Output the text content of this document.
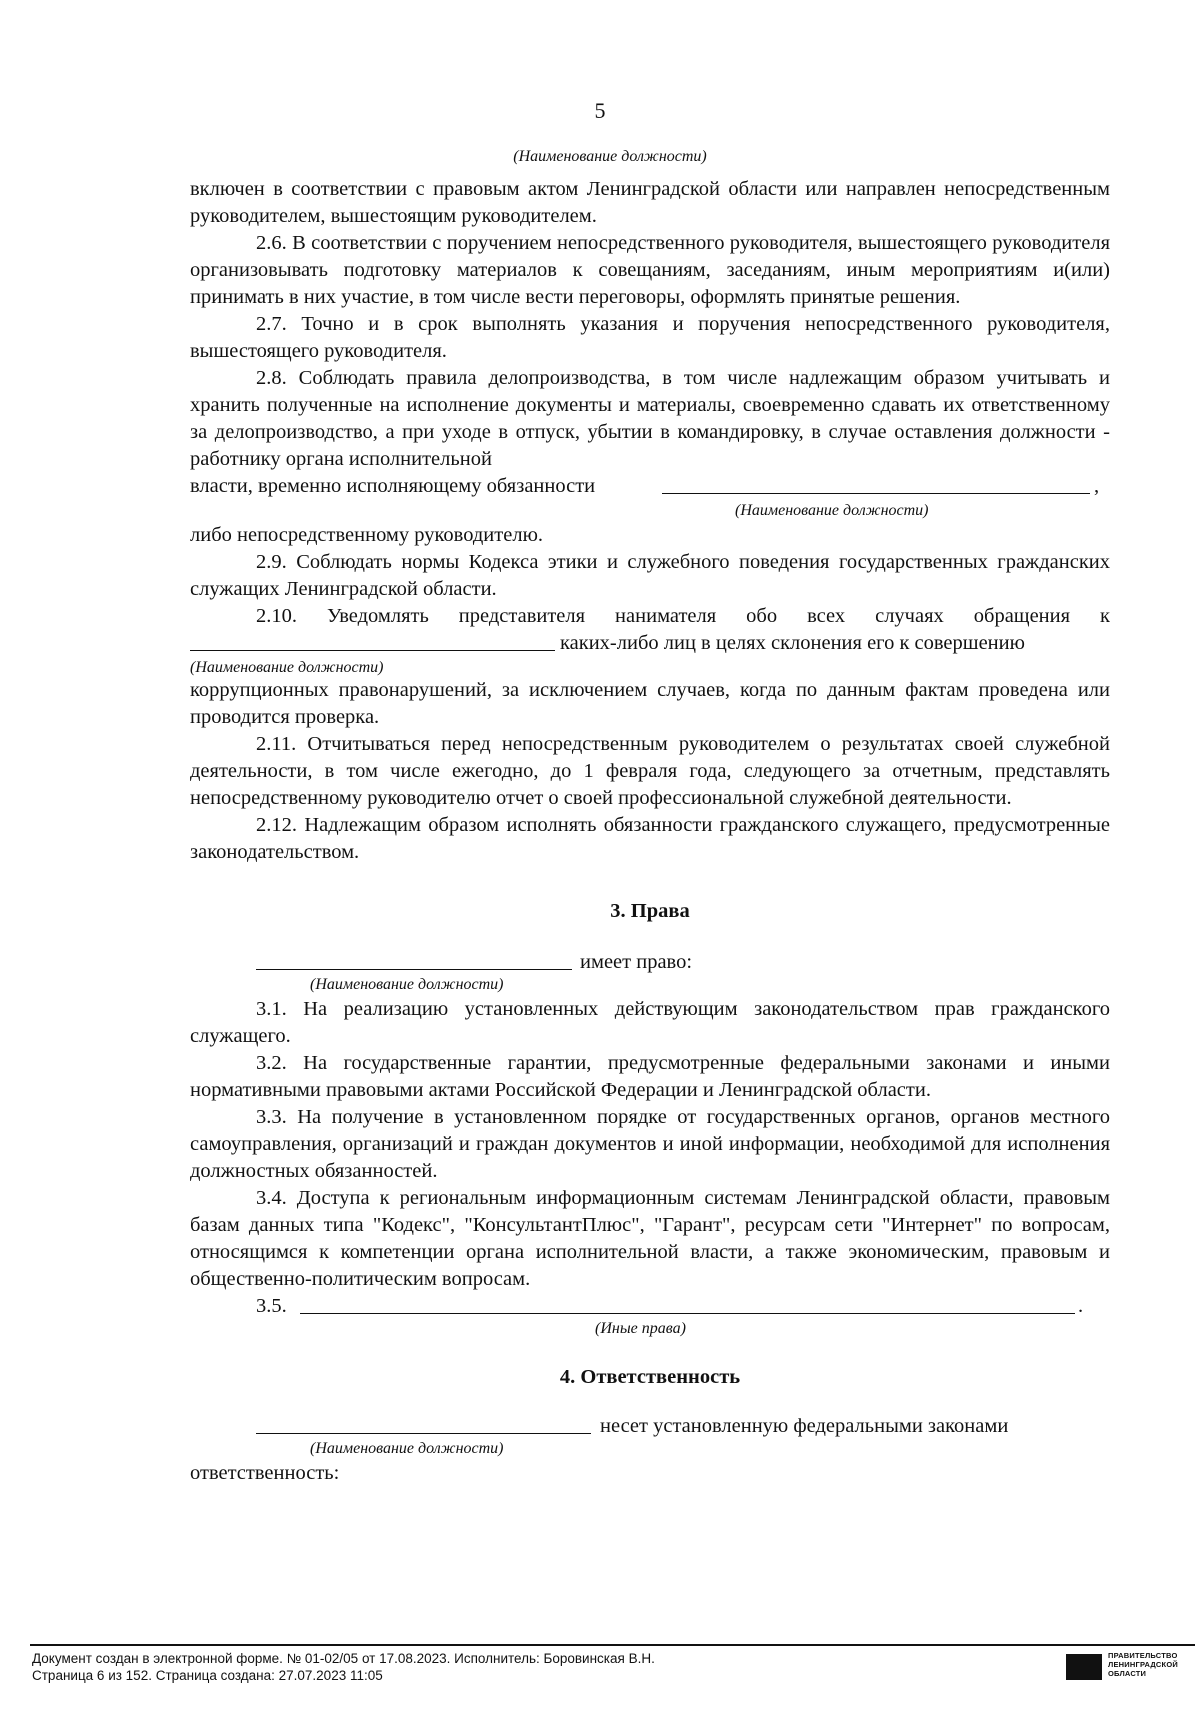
5
(Наименование должности)

включен в соответствии с правовым актом Ленинградской области или направлен непосредственным руководителем, вышестоящим руководителем.

2.6. В соответствии с поручением непосредственного руководителя, вышестоящего руководителя организовывать подготовку материалов к совещаниям, заседаниям, иным мероприятиям и(или) принимать в них участие, в том числе вести переговоры, оформлять принятые решения.

2.7. Точно и в срок выполнять указания и поручения непосредственного руководителя, вышестоящего руководителя.

2.8. Соблюдать правила делопроизводства, в том числе надлежащим образом учитывать и хранить полученные на исполнение документы и материалы, своевременно сдавать их ответственному за делопроизводство, а при уходе в отпуск, убытии в командировку, в случае оставления должности - работнику органа исполнительной

власти, временно исполняющему обязанности	,
(Наименование должности)

либо непосредственному руководителю.

2.9. Соблюдать нормы Кодекса этики и служебного поведения государственных гражданских служащих Ленинградской области.

2.10. Уведомлять представителя нанимателя обо всех случаях обращения к

каких-либо лиц в целях склонения его к совершению
(Наименование должности)

коррупционных правонарушений, за исключением случаев, когда по данным фактам проведена или проводится проверка.

2.11. Отчитываться перед непосредственным руководителем о результатах своей служебной деятельности, в том числе ежегодно, до 1 февраля года, следующего за отчетным, представлять непосредственному руководителю отчет о своей профессиональной служебной деятельности.

2.12. Надлежащим образом исполнять обязанности гражданского служащего, предусмотренные законодательством.

3. Права

имеет право:
(Наименование должности)

3.1. На реализацию установленных действующим законодательством прав гражданского служащего.

3.2. На государственные гарантии, предусмотренные федеральными законами и иными нормативными правовыми актами Российской Федерации и Ленинградской области.

3.3. На получение в установленном порядке от государственных органов, органов местного самоуправления, организаций и граждан документов и иной информации, необходимой для исполнения должностных обязанностей.

3.4. Доступа к региональным информационным системам Ленинградской области, правовым базам данных типа "Кодекс", "КонсультантПлюс", "Гарант", ресурсам сети "Интернет" по вопросам, относящимся к компетенции органа исполнительной власти, а также экономическим, правовым и общественно-политическим вопросам.

3.5.	.
(Иные права)

4. Ответственность

несет установленную федеральными законами
(Наименование должности)

ответственность:

Документ создан в электронной форме. № 01-02/05 от 17.08.2023. Исполнитель: Боровинская В.Н.
Страница 6 из 152. Страница создана: 27.07.2023 11:05
ПРАВИТЕЛЬСТВО
ЛЕНИНГРАДСКОЙ
ОБЛАСТИ
